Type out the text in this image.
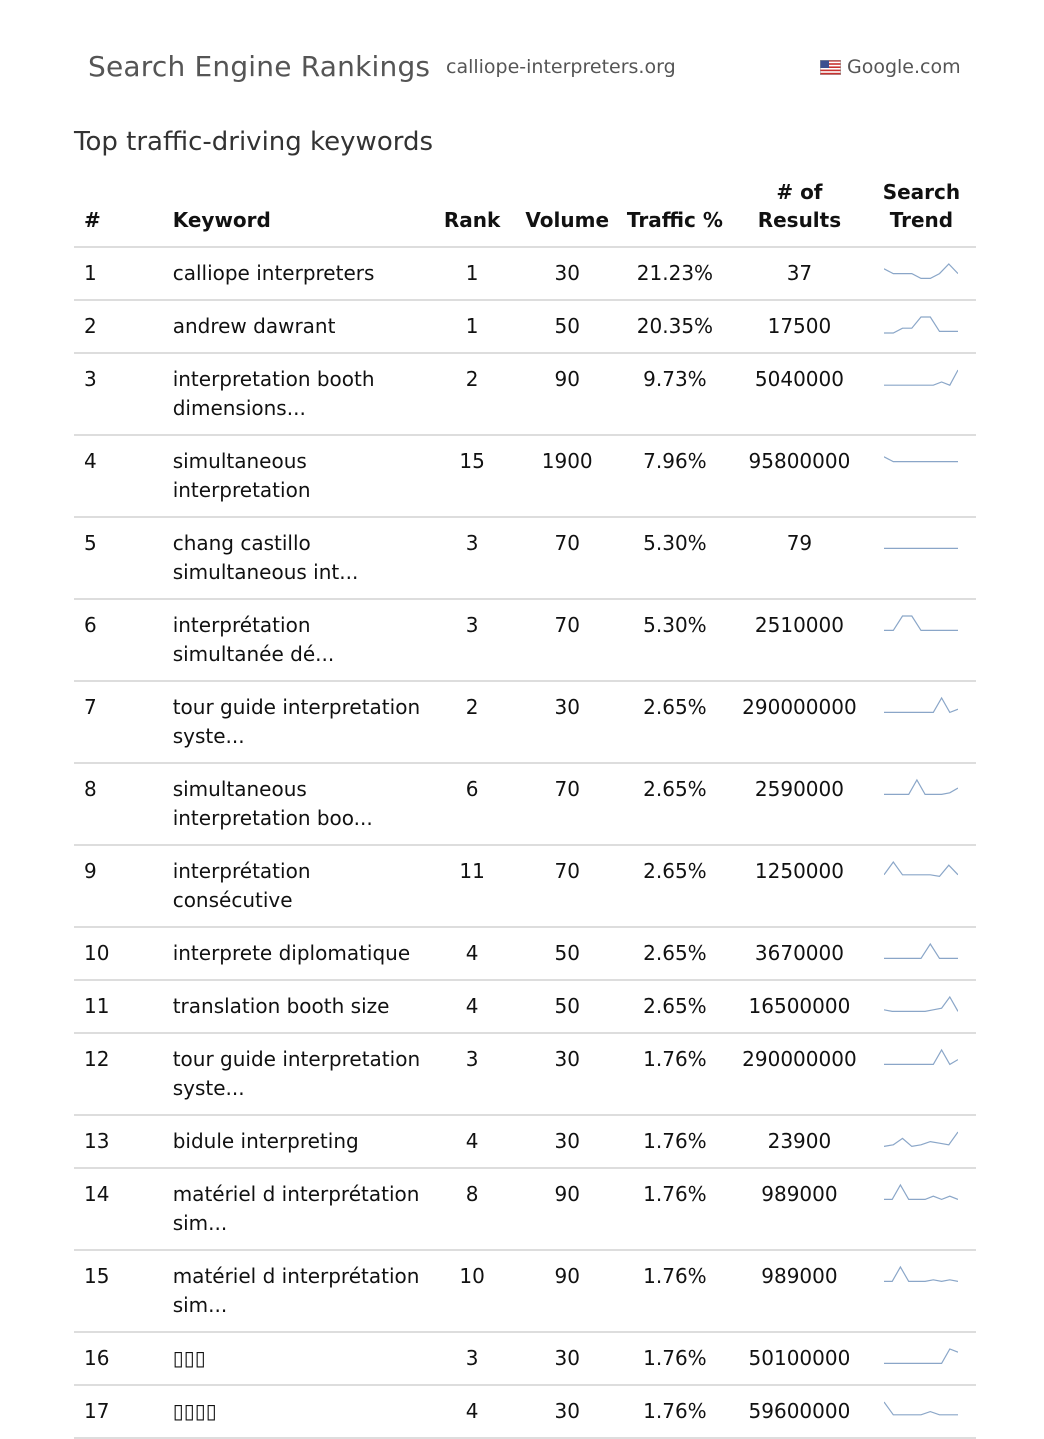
Search Engine Rankings calliope-interpreters.org	Google.com
Top traffic-driving keywords
#	Keyword	Rank	Volume	Traffic %	# of Results	Search Trend
1	calliope interpreters	1	30	21.23%	37	

2	andrew dawrant	1	50	20.35%	17500	

3	interpretation booth dimensions...	2	90	9.73%	5040000	

4	simultaneous interpretation	15	1900	7.96%	95800000	

5	chang castillo simultaneous int...	3	70	5.30%	79	

6	interprétation simultanée dé...	3	70	5.30%	2510000	

7	tour guide interpretation syste...	2	30	2.65%	290000000	

8	simultaneous interpretation boo...	6	70	2.65%	2590000	

9	interprétation consécutive	11	70	2.65%	1250000	

10	interprete diplomatique	4	50	2.65%	3670000	

11	translation booth size	4	50	2.65%	16500000	

12	tour guide interpretation syste...	3	30	1.76%	290000000	

13	bidule interpreting	4	30	1.76%	23900	

14	matériel d interprétation sim...	8	90	1.76%	989000	

15	matériel d interprétation sim...	10	90	1.76%	989000	

16	▯▯▯	3	30	1.76%	50100000	

17	▯▯▯▯	4	30	1.76%	59600000	
